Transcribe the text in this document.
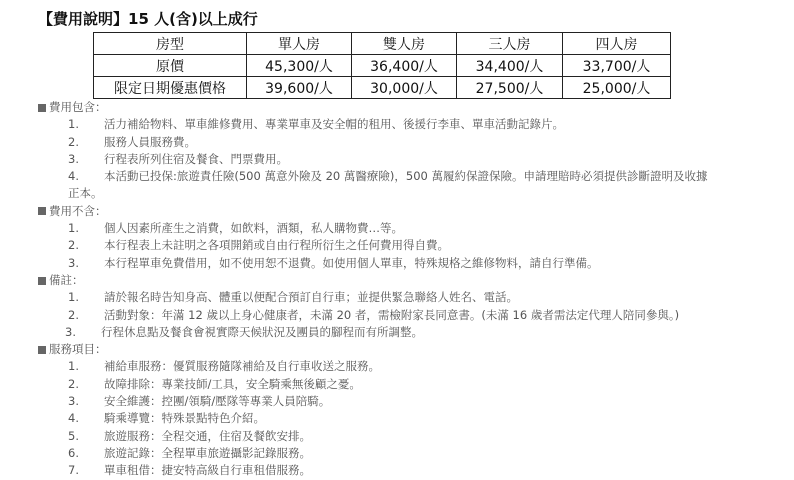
【費用說明】15 人(含)以上成行
房型	單人房	雙人房	三人房	四人房
原價	45,300/人	36,400/人	34,400/人	33,700/人
限定日期優惠價格	39,600/人	30,000/人	27,500/人	25,000/人
費用包含：
1.	活力補給物料、單車維修費用、專業單車及安全帽的租用、後援行李車、單車活動記錄片。
2.	服務人員服務費。
3.	行程表所列住宿及餐食、門票費用。
4.	本活動已投保:旅遊責任險(500 萬意外險及 20 萬醫療險)，500 萬履約保證保險。申請理賠時必須提供診斷證明及收據
正本。
費用不含：
1.	個人因素所產生之消費，如飲料，酒類，私人購物費…等。
2.	本行程表上未註明之各項開銷或自由行程所衍生之任何費用得自費。
3.	本行程單車免費借用，如不使用恕不退費。如使用個人單車，特殊規格之維修物料，請自行準備。
備註：
1.	請於報名時告知身高、體重以便配合預訂自行車；並提供緊急聯絡人姓名、電話。
2.	活動對象：年滿 12 歲以上身心健康者，未滿 20 者，需檢附家長同意書。(未滿 16 歲者需法定代理人陪同參與。)
3.	行程休息點及餐食會視實際天候狀況及團員的腳程而有所調整。
服務項目：
1.	補給車服務：優質服務隨隊補給及自行車收送之服務。
2.	故障排除：專業技師/工具，安全騎乘無後顧之憂。
3.	安全維護：控團/領騎/壓隊等專業人員陪騎。
4.	騎乘導覽：特殊景點特色介紹。
5.	旅遊服務：全程交通，住宿及餐飲安排。
6.	旅遊記錄：全程單車旅遊攝影記錄服務。
7.	單車租借：捷安特高級自行車租借服務。
